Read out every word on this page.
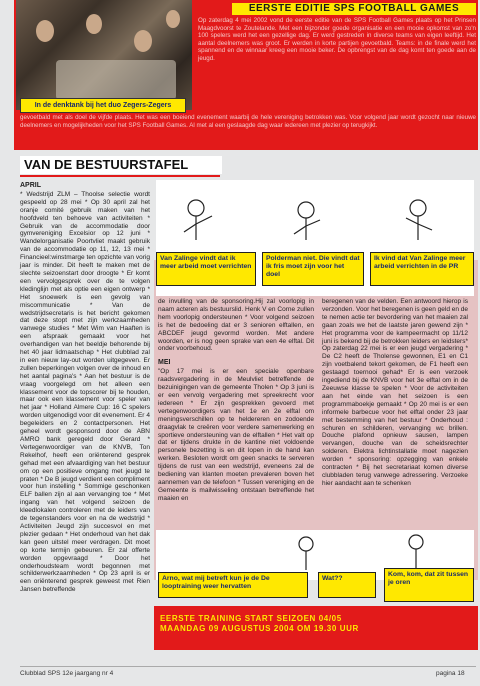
In de denktank bij het duo Zegers-Zegers
EERSTE EDITIE SPS FOOTBALL GAMES
Op zaterdag 4 mei 2002 vond de eerste editie van de SPS Football Games plaats op het Prinsen Maagdvoorst te Zoutelande. Met een bijzonder goede organisatie en een mooie opkomst van zo'n 100 spelers werd het een gezellige dag. Er werd gestreden in diverse teams van eigen leeftijd. Het aantal deelnemers was groot. Er werden in korte partijen gevoetbald. Teams: in de finale werd het spannend en de winnaar kreeg een mooie beker. De opbrengst van de dag komt ten goede aan de jeugd.
gevoetbald met als doel de vijfde plaats. Het was een boeiend evenement waarbij de hele vereniging betrokken was. Voor volgend jaar wordt gezocht naar nieuwe deelnemers en mogelijkheden voor het SPS Football Games. Al met al een geslaagde dag waar iedereen met plezier op terugkijkt.
VAN DE BESTUURSTAFEL
APRIL
* Wedstrijd ZLM – Thoolse selectie wordt gespeeld op 28 mei * Op 30 april zal het oranje comité gebruik maken van het hoofdveld ten behoeve van activiteiten * Gebruik van de accommodatie door gymvereniging Excelsior op 12 juni * Wandelorganisatie Poortvliet maakt gebruik van de accommodatie op 11, 12, 13 mei * Financieel:winstmarge ten opzichte van vorig jaar is minder. Dit heeft te maken met de slechte seizoenstart door droogte * Er komt een vervolggesprek over de te volgen kledinglijn met als optie een eigen ontwerp * Het snoewerk is een gevolg van miscommunicatie * Van de wedstrijdsecretaris is het bericht gekomen dat deze stopt met zijn werkzaamheden vanwege studies * Met Wim van Haaften is een afspraak gemaakt voor het overhandigen van het beeldje behorende bij het 40 jaar lidmaatschap * Het clubblad zal in een nieuw lay-out worden uitgegeven. Er zullen beperkingen volgen over de inhoud en het aantal pagina's * Aan het bestuur is de vraag voorgelegd om het alleen een klassement voor de topscorer bij te houden, maar ook een klassement voor speler van het jaar * Holland Almere Cup: 16 C spelers worden uitgenodigd voor dit evenement. Er 4 begeleiders en 2 contactpersonen. Het geheel wordt gesponsord door de ABN AMRO bank geregeld door Gerard * Vertegenwoordiger van de KNVB, Ton Rekelhof, heeft een oriënterend gesprek gehad met een afvaardiging van het bestuur om op een positieve omgang met jeugd te praten * De B jeugd verdient een compliment voor hun instelling * Sommige geschonken ELF ballen zijn al aan vervanging toe * Met ingang van het volgend seizoen de kleedlokalen controleren met de leiders van de tegenstanders voor en na de wedstrijd * Activiteiten Jeugd zijn succesvol en met plezier gedaan * Het onderhoud van het dak kan geen uitstel meer verdragen. Dit moet op korte termijn gebeuren. Er zal offerte worden opgevraagd * Door het onderhoudsteam wordt begonnen met schilderwerkzaamheden * Op 23 april is er een oriënterend gesprek geweest met Rien Jansen betreffende
Van Zalinge vindt dat ik meer arbeid moet verrichten
Polderman niet. Die vindt dat ik fris moet zijn voor het doel
Ik vind dat Van Zalinge meer arbeid verrichten in de PR
de invulling van de sponsoring.Hij zal voorlopig in naam acteren als bestuurslid. Henk V en Corne zullen hem voorlopig ondersteunen * Voor volgend seizoen is het de bedoeling dat er 3 senioren elftallen, en ABCDEF jeugd gevormd worden. Met andere woorden, er is nog geen sprake van een 4e elftal. Dit onder voorbehoud.
MEI
"Op 17 mei is er een speciale openbare raadsvergadering in de Meulvliet betreffende de bezuinigingen van de gemeente Tholen * Op 3 juni is er een vervolg vergadering met spreekrecht voor iedereen * Er zijn gesprekken gevoerd met vertegenwoordigers van het 1e en 2e elftal om meningsverschillen op te heldereren en zodoende draagvlak te creëren voor verdere samenwerking en sportieve ondersteuning van de elftallen * Het valt op dat er tijdens drukte in de kantine niet voldoende personele bezetting is en dit lopen in de hand kan werken. Besloten wordt om geen snacks te serveren tijdens de rust van een wedstrijd, eveneens zal de bediening van klanten moeten prevaleren boven het aannemen van de telefoon * Tussen vereniging en de Gemeente is mailwisseling ontstaan betreffende het maaien en
beregenen van de velden. Een antwoord hierop is verzonden. Voor het beregenen is geen geld en de te nemen actie ter bevordering van het maaien zal gaan zoals we het de laatste jaren gewend zijn * Het programma voor de kampeermacht op 11/12 juni is bekend bij de betrokken leiders en leidsters* Op zaterdag 22 mei is er een jeugd vergadering * De C2 heeft de Tholense gewonnen, E1 en C1 zijn voetbalend tekort gekomen, de F1 heeft een gestaagd toernooi gehad* Er is een verzoek ingediend bij de KNVB voor het 3e elftal om in de Zeeuwse klasse te spelen * Voor de activiteiten aan het einde van het seizoen is een programmaboekje gemaakt * Op 20 mei is er een informele barbecue voor het elftal onder 23 jaar met bestemming van het bestuur * Onderhoud : schuren en schilderen, vervanging wc brillen. Douche plafond opnieuw sausen, lampen vervangen, douche van de scheidsrechter solderen. Elektra lichtinstallatie moet nagezien worden * sponsoring: opzegging van enkele contracten * Bij het secretariaat komen diverse clubbladen terug vanwege adressering. Verzoeke hier aandacht aan te schenken
Arno, wat mij betreft kun je de De looptraining weer hervatten
Wat??
Kom, kom, dat zit tussen je oren
EERSTE TRAINING START SEIZOEN 04/05
MAANDAG 09 AUGUSTUS 2004 OM 19.30 UUR
Clubblad SPS 12e jaargang nr 4	pagina 18
